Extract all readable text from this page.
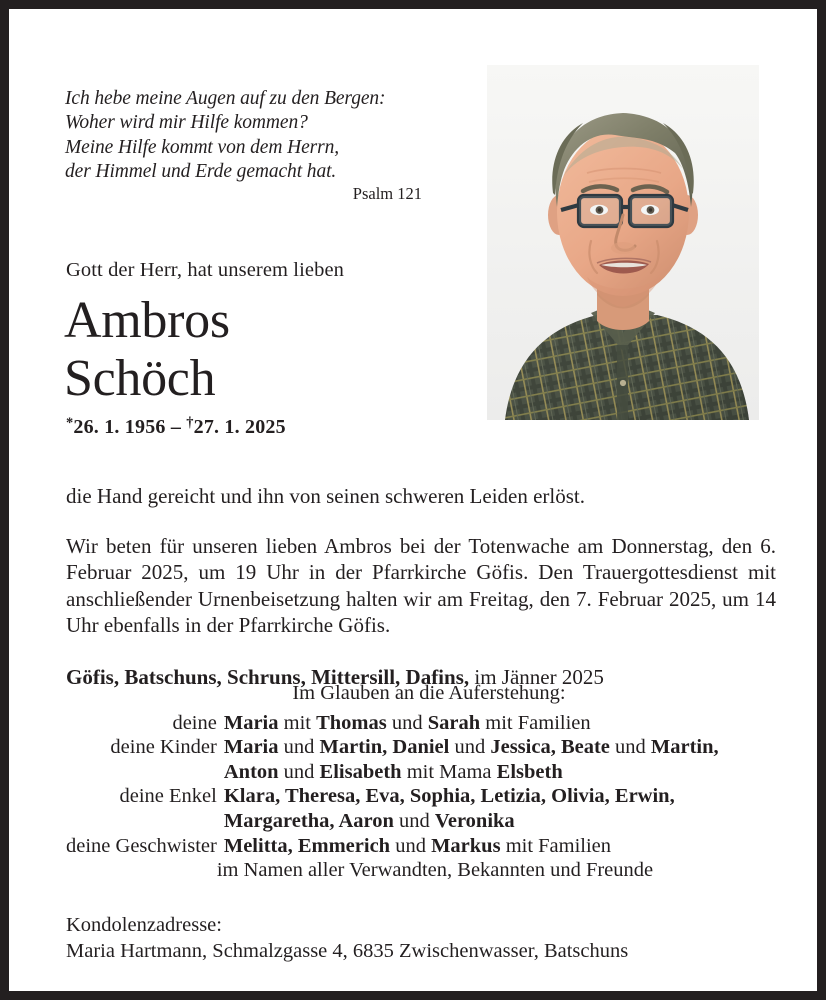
Ich hebe meine Augen auf zu den Bergen:
Woher wird mir Hilfe kommen?
Meine Hilfe kommt von dem Herrn,
der Himmel und Erde gemacht hat.
Psalm 121
Gott der Herr, hat unserem lieben
Ambros
Schöch
*26. 1. 1956 – †27. 1. 2025

die Hand gereicht und ihn von seinen schweren Leiden erlöst.

Wir beten für unseren lieben Ambros bei der Totenwache am Donnerstag, den 6. Februar 2025, um 19 Uhr in der Pfarrkirche Göfis. Den Trauergottesdienst mit anschließender Urnenbeisetzung halten wir am Freitag, den 7. Februar 2025, um 14 Uhr ebenfalls in der Pfarrkirche Göfis.

Göfis, Batschuns, Schruns, Mittersill, Dafins, im Jänner 2025

Im Glauben an die Auferstehung:

deine	Maria mit Thomas und Sarah mit Familien
deine Kinder	Maria und Martin, Daniel und Jessica, Beate und Martin, Anton und Elisabeth mit Mama Elsbeth
deine Enkel	Klara, Theresa, Eva, Sophia, Letizia, Olivia, Erwin, Margaretha, Aaron und Veronika
deine Geschwister	Melitta, Emmerich und Markus mit Familien

im Namen aller Verwandten, Bekannten und Freunde

Kondolenzadresse:
Maria Hartmann, Schmalzgasse 4, 6835 Zwischenwasser, Batschuns
